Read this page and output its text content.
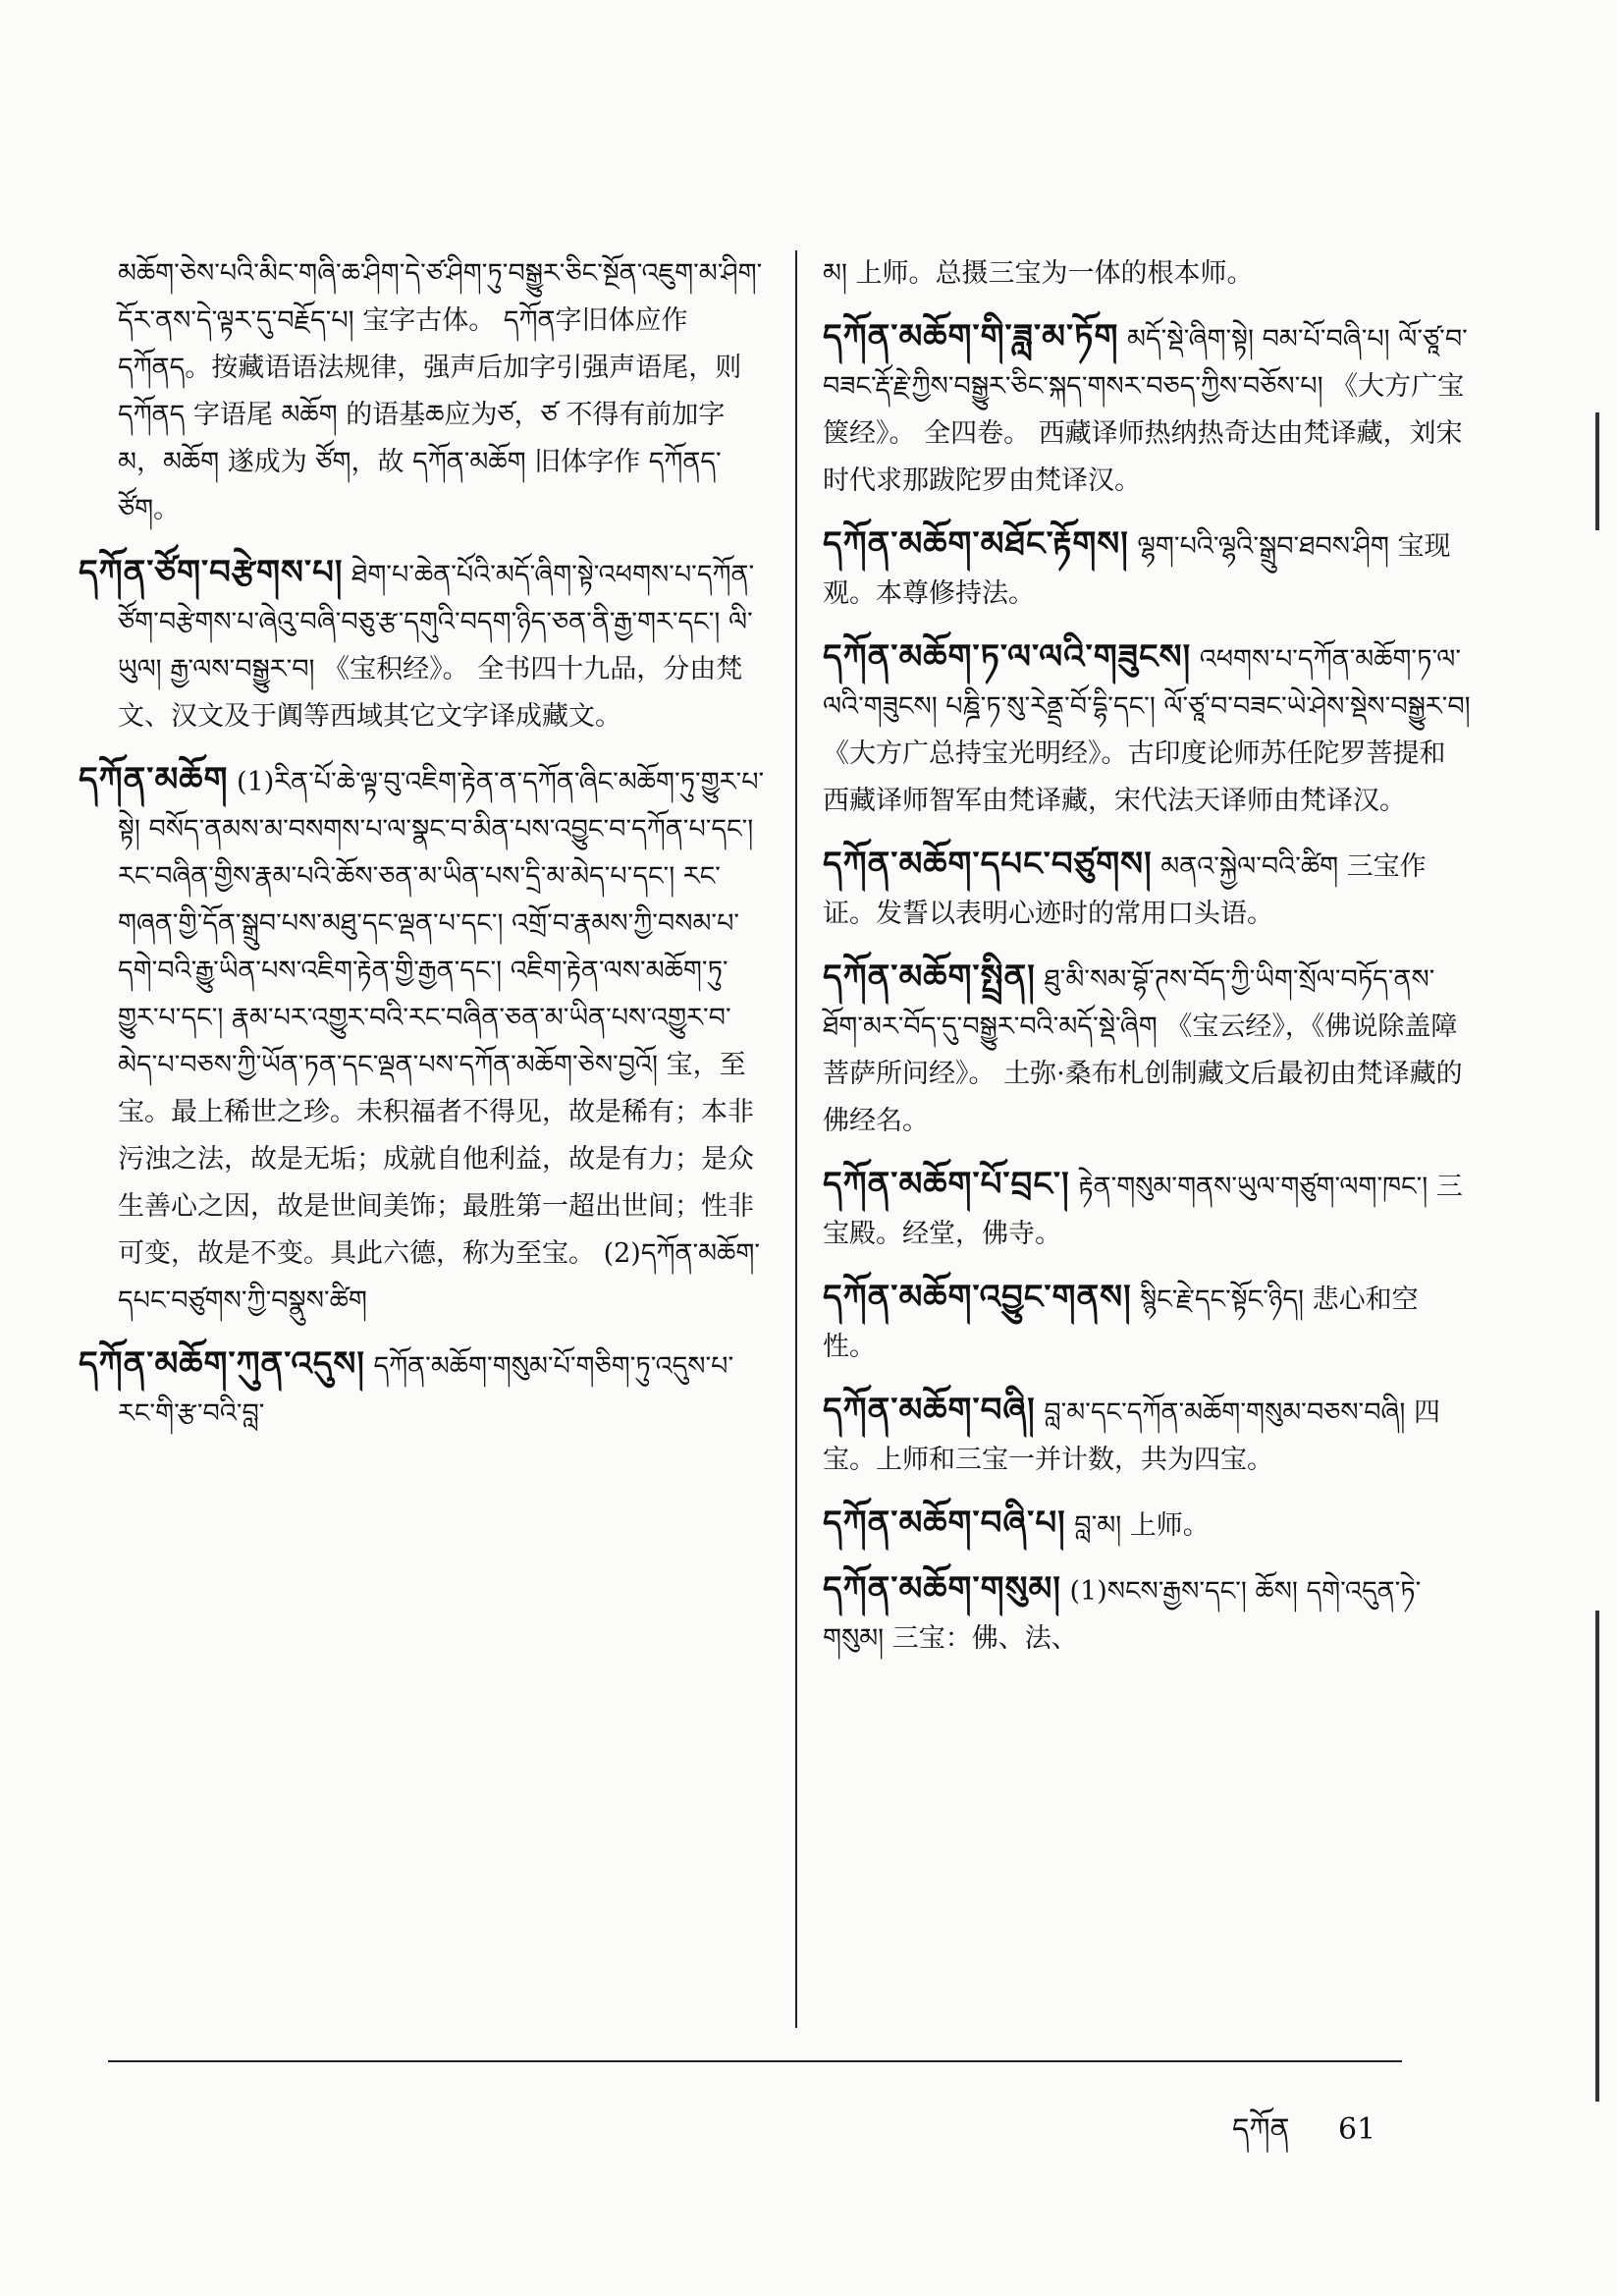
མཆོག་ཅེས་པའི་མིང་གཞི་ཆ་ཤིག་དེ་ཙ་ཤིག་ཏུ་བསྒྱུར་ཅིང་སྔོན་འཇུག་མ་ཤིག་དོར་ནས་དེ་ལྟར་དུ་བརྗོད་པ། 宝字古体。 དཀོན字旧体应作 དཀོནད。按藏语语法规律，强声后加字引强声语尾，则 དཀོནད 字语尾 མཆོག 的语基ཆ应为ཙ，ཙ 不得有前加字མ，མཆོག 遂成为 ཙོག，故 དཀོན་མཆོག 旧体字作 དཀོནད་ཙོག。
དཀོན་ཙོག་བརྩེགས་པ། ཐེག་པ་ཆེན་པོའི་མདོ་ཞིག་སྟེ་འཕགས་པ་དཀོན་ཙོག་བརྩེགས་པ་ཞེའུ་བཞི་བཅུ་རྩ་དགུའི་བདག་ཉིད་ཅན་ནི་རྒྱ་གར་དང་། ལི་ཡུལ། རྒྱ་ལས་བསྒྱུར་བ། 《宝积经》。 全书四十九品，分由梵文、汉文及于阗等西域其它文字译成藏文。
དཀོན་མཆོག (1)རིན་པོ་ཆེ་ལྟ་བུ་འཇིག་རྟེན་ན་དཀོན་ཞིང་མཆོག་ཏུ་གྱུར་པ་སྟེ། བསོད་ནམས་མ་བསགས་པ་ལ་སྣང་བ་མིན་པས་འབྱུང་བ་དཀོན་པ་དང་། རང་བཞིན་གྱིས་རྣམ་པའི་ཆོས་ཅན་མ་ཡིན་པས་དྲི་མ་མེད་པ་དང་། རང་གཞན་གྱི་དོན་སྒྲུབ་པས་མཐུ་དང་ལྡན་པ་དང་། འགྲོ་བ་རྣམས་ཀྱི་བསམ་པ་དགེ་བའི་རྒྱུ་ཡིན་པས་འཇིག་རྟེན་གྱི་རྒྱན་དང་། འཇིག་རྟེན་ལས་མཆོག་ཏུ་གྱུར་པ་དང་། རྣམ་པར་འགྱུར་བའི་རང་བཞིན་ཅན་མ་ཡིན་པས་འགྱུར་བ་མེད་པ་བཅས་ཀྱི་ཡོན་ཏན་དང་ལྡན་པས་དཀོན་མཆོག་ཅེས་བྱའོ། 宝，至宝。最上稀世之珍。未积福者不得见，故是稀有；本非污浊之法，故是无垢；成就自他利益，故是有力；是众生善心之因，故是世间美饰；最胜第一超出世间；性非可变，故是不变。具此六德，称为至宝。 (2)དཀོན་མཆོག་དཔང་བཙུགས་ཀྱི་བསྣུས་ཚིག
དཀོན་མཆོག་ཀུན་འདུས། དཀོན་མཆོག་གསུམ་པོ་གཅིག་ཏུ་འདུས་པ་རང་གི་རྩ་བའི་བླ་
མ། 上师。总摄三宝为一体的根本师。
དཀོན་མཆོག་གི་ཟླ་མ་ཏོག མདོ་སྡེ་ཞིག་སྟེ། བམ་པོ་བཞི་པ། ལོ་ཙཱ་བ་བཟང་རྡོ་རྗེ་ཀྱིས་བསྒྱུར་ཅིང་སྐད་གསར་བཅད་ཀྱིས་བཅོས་པ། 《大方广宝箧经》。 全四卷。 西藏译师热纳热奇达由梵译藏，刘宋时代求那跋陀罗由梵译汉。
དཀོན་མཆོག་མཐོང་རྟོགས། ལྷག་པའི་ལྷའི་སྒྲུབ་ཐབས་ཤིག 宝现观。本尊修持法。
དཀོན་མཆོག་ཏ་ལ་ལའི་གཟུངས། འཕགས་པ་དཀོན་མཆོག་ཏ་ལ་ལའི་གཟུངས། པཎྜི་ཏ་སུ་རེནྡྲ་བོ་དྷི་དང་། ལོ་ཙཱ་བ་བཟང་ཡེ་ཤེས་སྡེས་བསྒྱུར་བ།《大方广总持宝光明经》。古印度论师苏任陀罗菩提和西藏译师智军由梵译藏，宋代法天译师由梵译汉。
དཀོན་མཆོག་དཔང་བཙུགས། མནའ་སྐྱེལ་བའི་ཚིག 三宝作证。发誓以表明心迹时的常用口头语。
དཀོན་མཆོག་སྤྲིན། ཐུ་མི་སམ་བྷོ་ཊས་བོད་ཀྱི་ཡིག་སྲོལ་བཏོད་ནས་ཐོག་མར་བོད་དུ་བསྒྱུར་བའི་མདོ་སྡེ་ཞིག 《宝云经》，《佛说除盖障菩萨所问经》。 土弥·桑布札创制藏文后最初由梵译藏的佛经名。
དཀོན་མཆོག་པོ་བྲང་། རྟེན་གསུམ་གནས་ཡུལ་གཙུག་ལག་ཁང་། 三宝殿。经堂，佛寺。
དཀོན་མཆོག་འབྱུང་གནས། སྙིང་རྗེ་དང་སྟོང་ཉིད། 悲心和空性。
དཀོན་མཆོག་བཞི། བླ་མ་དང་དཀོན་མཆོག་གསུམ་བཅས་བཞི། 四宝。上师和三宝一并计数，共为四宝。
དཀོན་མཆོག་བཞི་པ། བླ་མ། 上师。
དཀོན་མཆོག་གསུམ། (1)སངས་རྒྱས་དང་། ཆོས། དགེ་འདུན་ཏེ་གསུམ། 三宝：佛、法、
དཀོན 61
